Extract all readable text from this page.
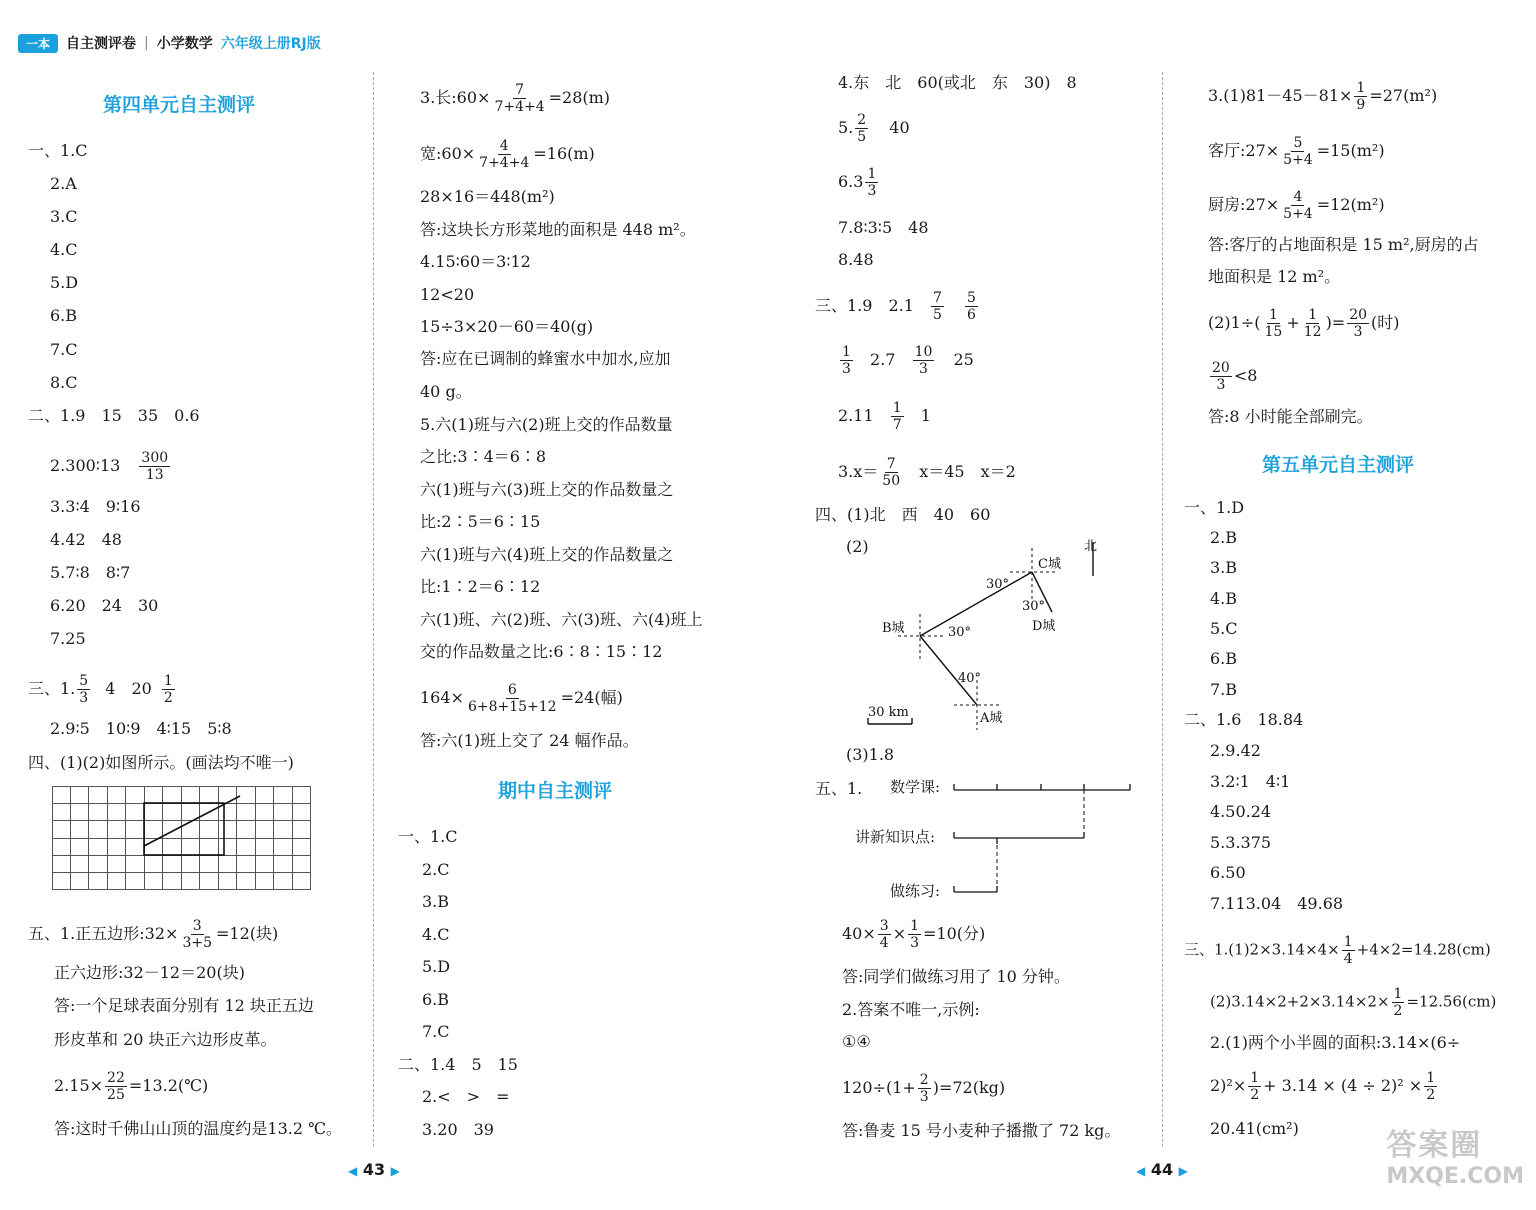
一本	自主测评卷 | 小学数学 六年级上册RJ版
第四单元自主测评
一、1.C
2.A
3.C
4.C
5.D
6.B
7.C
8.C
二、1.9　15　35　0.6
2.300∶13 $\frac{300}{13}$
3.3∶4　9∶16
4.42　48
5.7∶8　8∶7
6.20　24　30
7.25
三、1. $\frac{5}{3} 4$　$20 \frac{1}{2}$
2.9∶5　10∶9　4∶15　5∶8
四、(1)(2)如图所示。(画法均不唯一)
五、1.正五边形:32× $\frac{3}{3+5} =12$(块)
正六边形:32－12＝20(块)
答:一个足球表面分别有 12 块正五边
形皮革和 20 块正六边形皮革。
$2.15\times \frac{22}{25}$ =13.2(℃)
答:这时千佛山山顶的温度约是13.2 ℃。
3.长:60× $\frac{7}{7+4+4} =28(m)$
宽:60× $\frac{4}{7+4+4} =16(m)$
28×16＝448(m²)
答:这块长方形菜地的面积是 448 m²。
4.15∶60＝3∶12
12<20
15÷3×20－60＝40(g)
答:应在已调制的蜂蜜水中加水,应加
40 g。
5.六(1)班与六(2)班上交的作品数量
之比:3∶4＝6∶8
六(1)班与六(3)班上交的作品数量之
比:2∶5＝6∶15
六(1)班与六(4)班上交的作品数量之
比:1∶2＝6∶12
六(1)班、六(2)班、六(3)班、六(4)班上
交的作品数量之比:6∶8∶15∶12
$164\times \frac{6}{6+8+15+12} =24$(幅)
答:六(1)班上交了 24 幅作品。
期中自主测评
一、1.C
2.C
3.B
4.C
5.D
6.B
7.C
二、1.4　5　15
2.<　>　=
3.20　39
4.东　北　60(或北　东　30)　8
5. $\frac{2}{5} 40$
$6.3 \frac{1}{3}$
7.8∶3∶5　48
8.48
三、1.9　$2.1 \frac{7}{5}$
$\frac{5}{6}$
$\frac{1}{3} 2.7 \frac{10}{3} 25$
$2.11 \frac{1}{7} 1$
$3.x= \frac{7}{50} x=45$　x＝2
四、(1)北　西　40　60
(2)	北
C城
D城
B城
A城
30°
30°
30°
40°
30 km
(3)1.8
五、1. 数学课:
讲新知识点:
做练习:
$40\times \frac{3}{4} \times \frac{1}{3} =10$(分)
答:同学们做练习用了 10 分钟。
2.答案不唯一,示例:
①④
$120\div(1+ \frac{2}{3} )=72(kg)$
答:鲁麦 15 号小麦种子播撒了 72 kg。
$3.(1)81-45-81\times \frac{1}{9} =27(m^2)$
客厅:27× $\frac{5}{5+4} =15(m^2)$
厨房:27× $\frac{4}{5+4} =12(m^2)$
答:客厅的占地面积是 15 m²,厨房的占
地面积是 12 m²。
$(2)1\div( \frac{1}{15} + \frac{1}{12}$ )= $\frac{20}{3}$ (时)
$\frac{20}{3} <8$
答:8 小时能全部刷完。
第五单元自主测评
一、1.D
2.B
3.B
4.B
5.C
6.B
7.B
二、1.6　18.84
2.9.42
3.2∶1　4∶1
4.50.24
5.3.375
6.50
7.113.04　49.68
三、$1.(1)2\times 3.14\times 4\times \frac{1}{4} +4\times 2=14.28(cm)$
$(2)3.14\times 2+2\times 3.14\times 2\times \frac{1}{2} =12.56(cm)$
2.(1)两个小半圆的面积:3.14×(6÷
$2)^2\times \frac{1}{2} + 3.14 \times (4 \div 2)^2 \times \frac{1}{2}$
20.41(cm²)
◀ 43 ▶	◀ 44 ▶
答案圈
MXQE.COM
